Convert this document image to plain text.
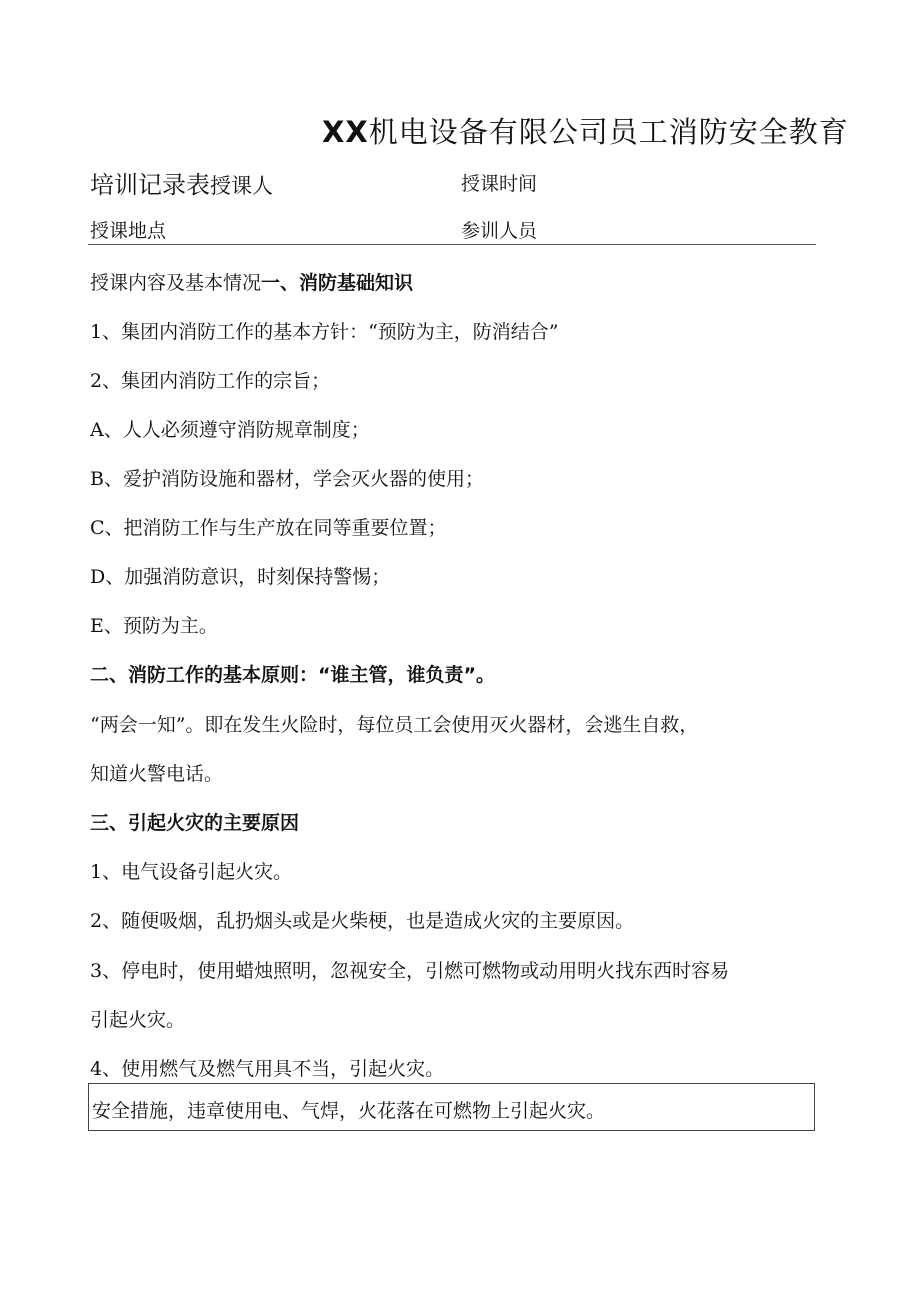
XX机电设备有限公司员工消防安全教育
培训记录表授课人	授课时间
授课地点	参训人员
授课内容及基本情况一、消防基础知识
1、集团内消防工作的基本方针：“预防为主，防消结合”
2、集团内消防工作的宗旨；
A、人人必须遵守消防规章制度；
B、爱护消防设施和器材，学会灭火器的使用；
C、把消防工作与生产放在同等重要位置；
D、加强消防意识，时刻保持警惕；
E、预防为主。
二、消防工作的基本原则：“谁主管，谁负责”。
“两会一知”。即在发生火险时，每位员工会使用灭火器材，会逃生自救，
知道火警电话。
三、引起火灾的主要原因
1、电气设备引起火灾。
2、随便吸烟，乱扔烟头或是火柴梗，也是造成火灾的主要原因。
3、停电时，使用蜡烛照明，忽视安全，引燃可燃物或动用明火找东西时容易
引起火灾。
4、使用燃气及燃气用具不当，引起火灾。
安全措施，违章使用电、气焊，火花落在可燃物上引起火灾。
